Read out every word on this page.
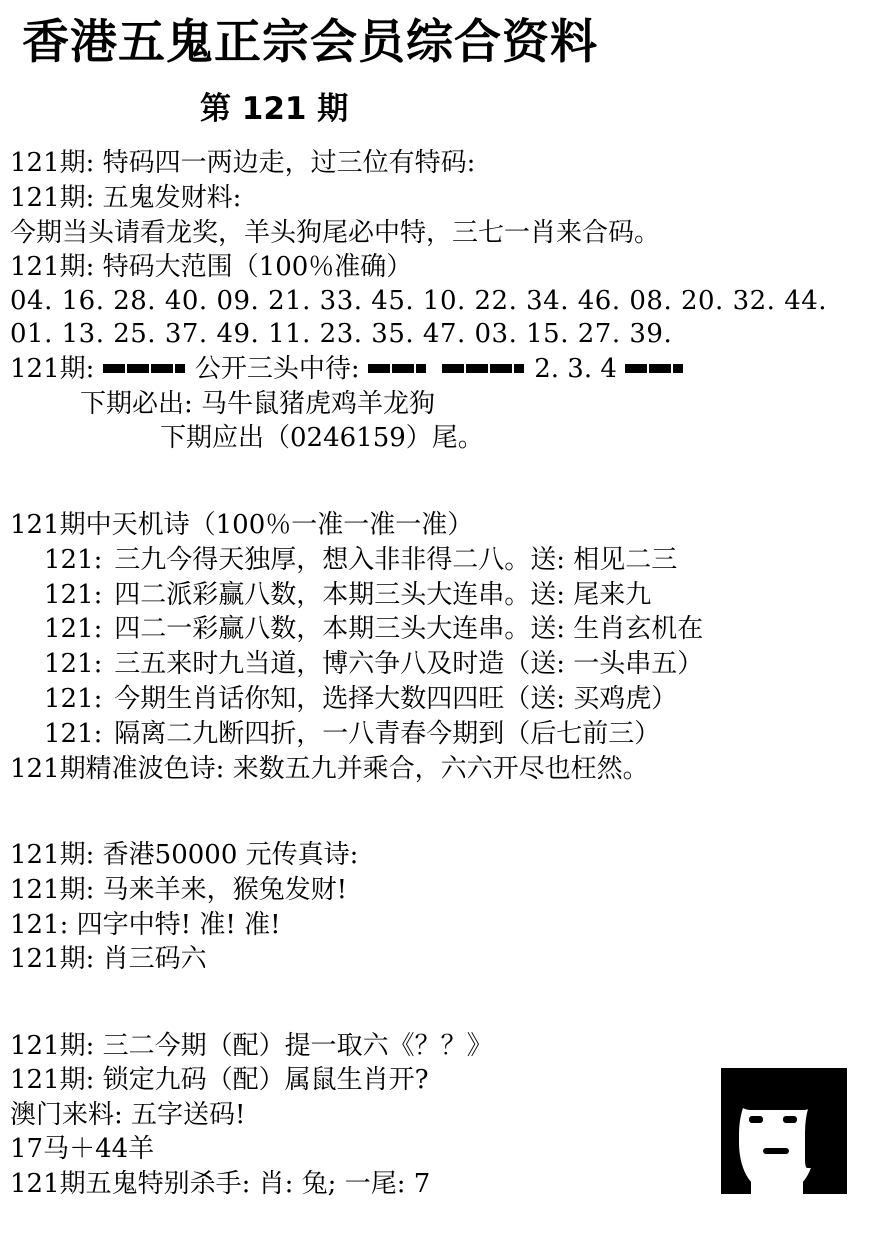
香港五鬼正宗会员综合资料
第 121 期
121期: 特码四一两边走，过三位有特码:
121期: 五鬼发财料:
今期当头请看龙奖，羊头狗尾必中特，三七一肖来合码。
121期: 特码大范围（100％准确）
04. 16. 28. 40. 09. 21. 33. 45. 10. 22. 34. 46. 08. 20. 32. 44.
01. 13. 25. 37. 49. 11. 23. 35. 47. 03. 15. 27. 39.
121期:	公开三头中待:	2. 3. 4
下期必出: 马牛鼠猪虎鸡羊龙狗
下期应出（0246159）尾。
121期中天机诗（100％一准一准一准）
121: 三九今得天独厚，想入非非得二八。送: 相见二三
121: 四二派彩赢八数，本期三头大连串。送: 尾来九
121: 四二一彩赢八数，本期三头大连串。送: 生肖玄机在
121: 三五来时九当道，博六争八及时造（送: 一头串五）
121: 今期生肖话你知，选择大数四四旺（送: 买鸡虎）
121: 隔离二九断四折，一八青春今期到（后七前三）
121期精准波色诗: 来数五九并乘合，六六开尽也枉然。
121期: 香港50000 元传真诗:
121期: 马来羊来，猴兔发财!
121: 四字中特! 准! 准!
121期: 肖三码六
121期: 三二今期（配）提一取六《？？》
121期: 锁定九码（配）属鼠生肖开?
澳门来料: 五字送码!
17马＋44羊
121期五鬼特别杀手: 肖: 兔; 一尾: 7
